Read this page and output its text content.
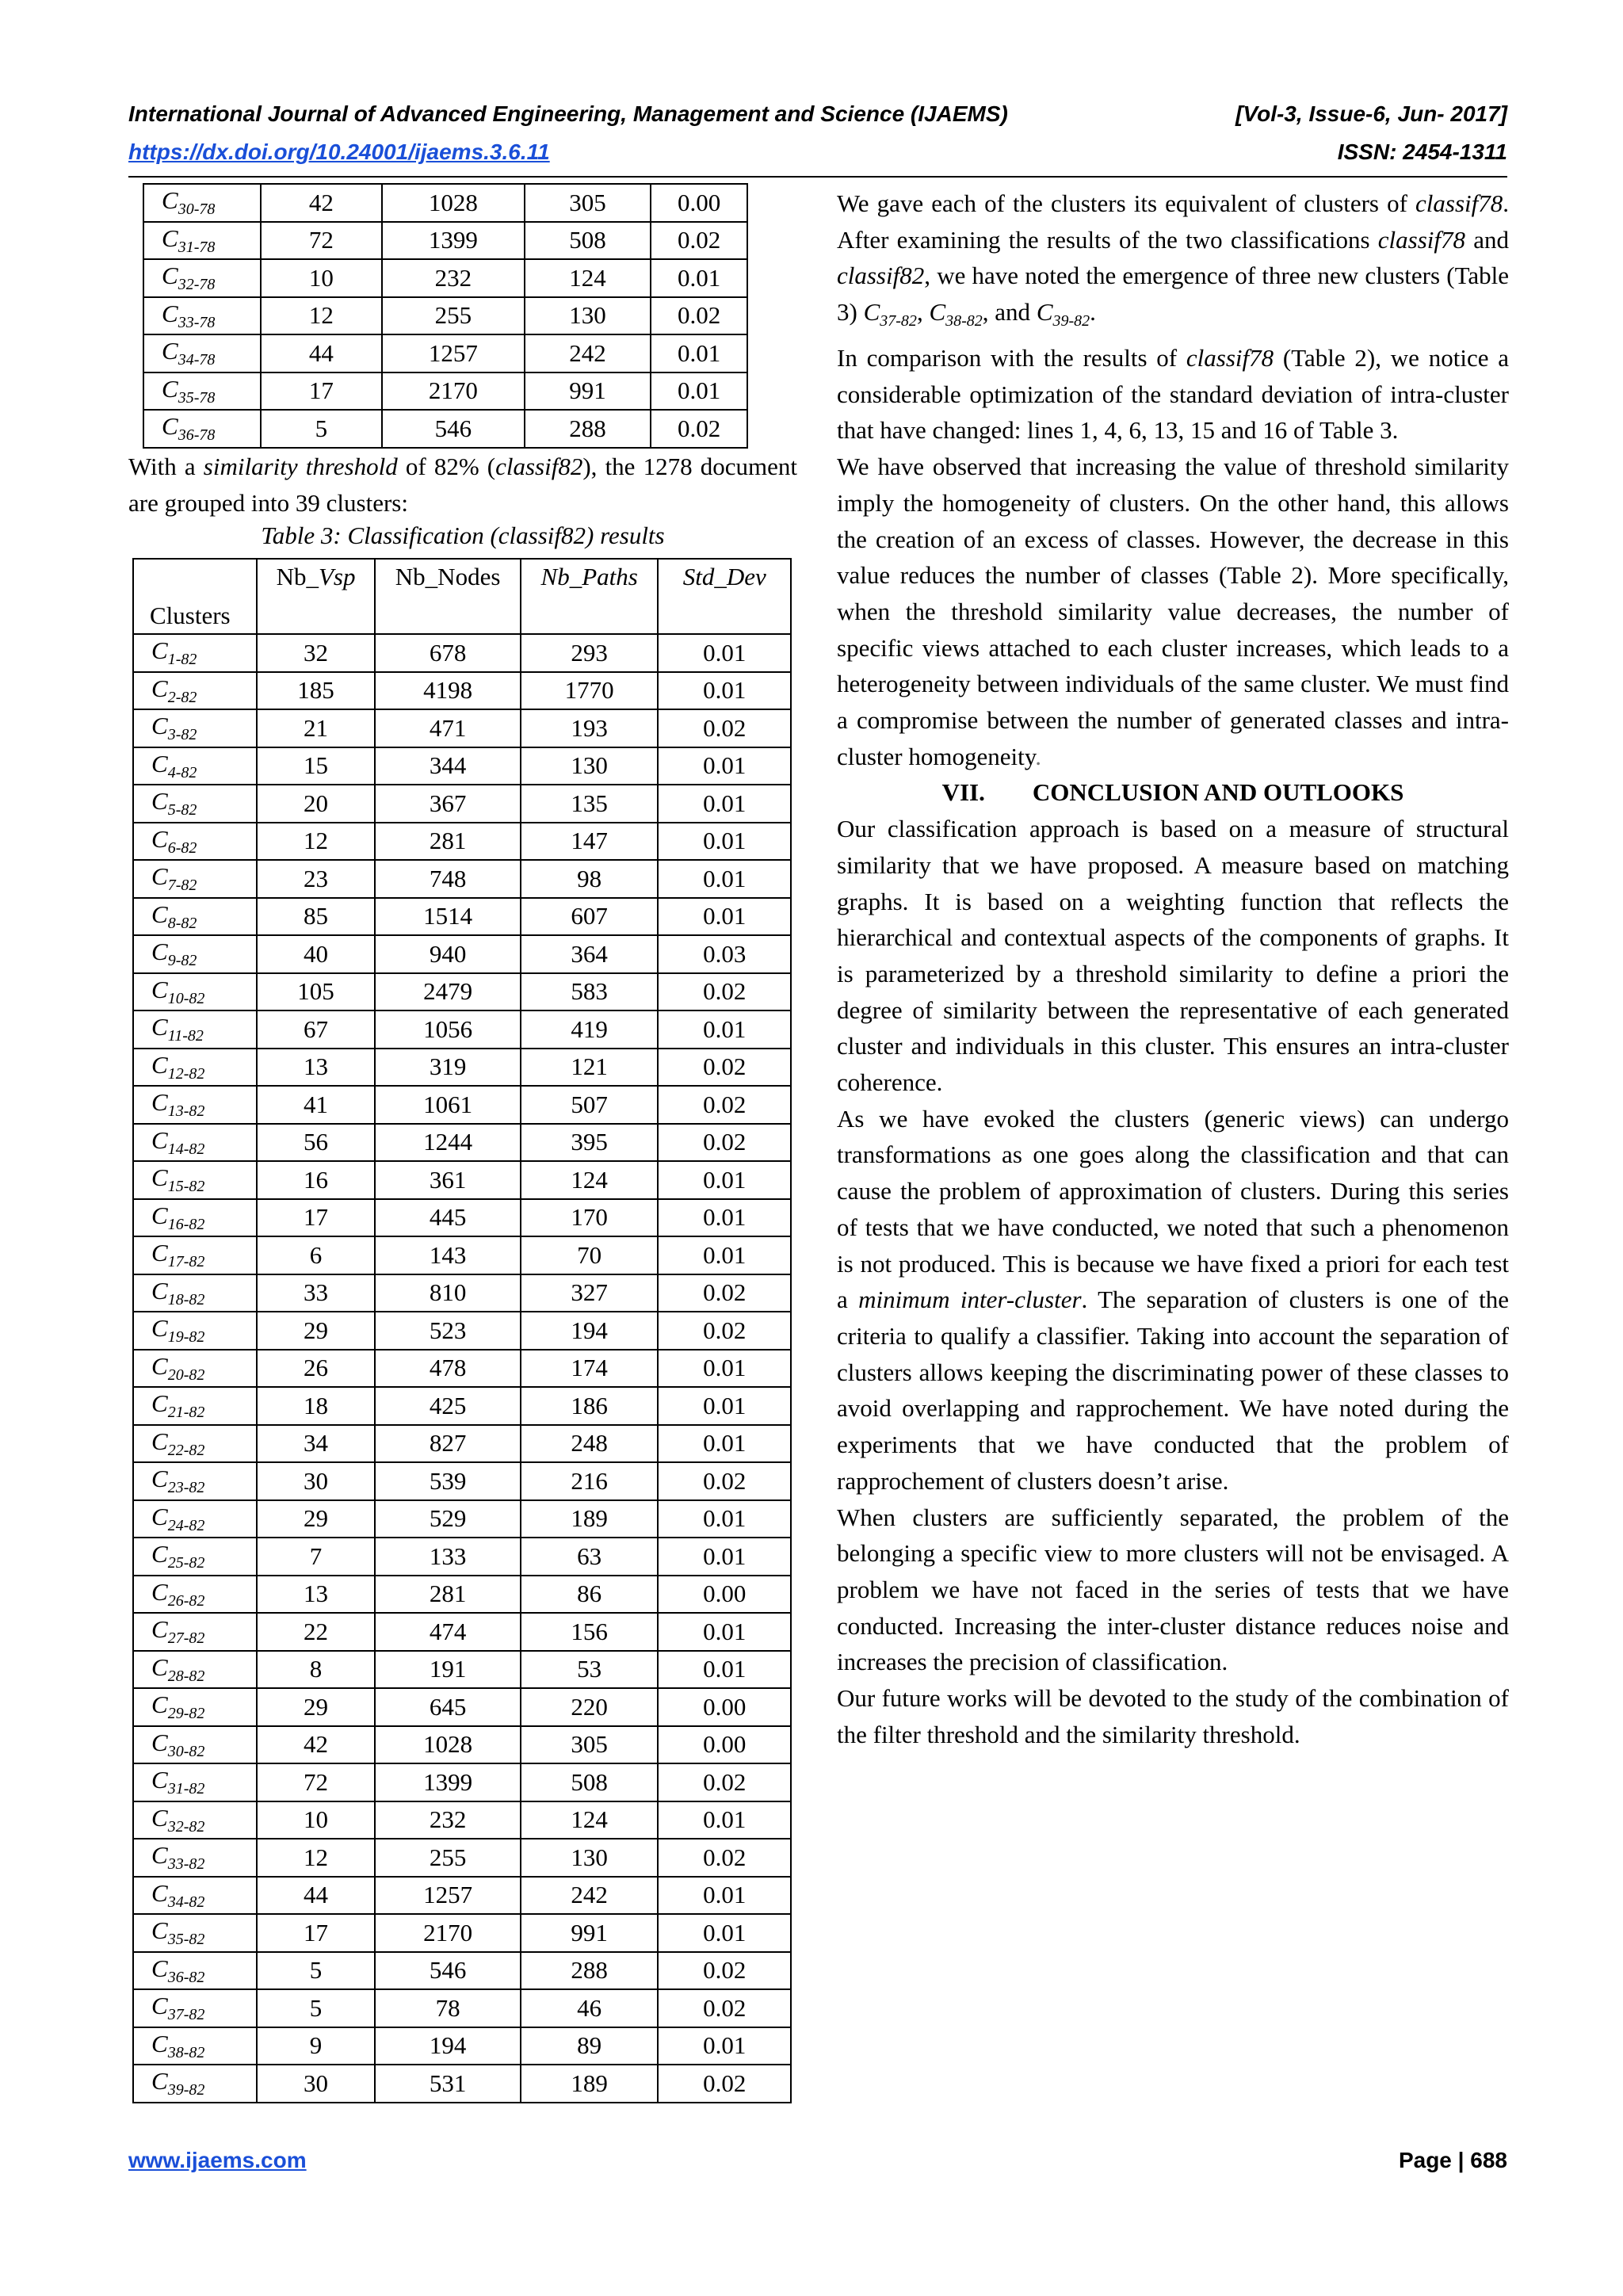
International Journal of Advanced Engineering, Management and Science (IJAEMS)	[Vol-3, Issue-6, Jun- 2017]
https://dx.doi.org/10.24001/ijaems.3.6.11	ISSN: 2454-1311
$C_{30-78}$	42	1028	305	0.00
$C_{31-78}$	72	1399	508	0.02
$C_{32-78}$	10	232	124	0.01
$C_{33-78}$	12	255	130	0.02
$C_{34-78}$	44	1257	242	0.01
$C_{35-78}$	17	2170	991	0.01
$C_{36-78}$	5	546	288	0.02
With a similarity threshold of 82% (classif82), the 1278 document are grouped into 39 clusters:
Table 3: Classification (classif82) results
Clusters	Nb_Vsp	Nb_Nodes	Nb_Paths	Std_Dev
$C_{1-82}$	32	678	293	0.01
$C_{2-82}$	185	4198	1770	0.01
$C_{3-82}$	21	471	193	0.02
$C_{4-82}$	15	344	130	0.01
$C_{5-82}$	20	367	135	0.01
$C_{6-82}$	12	281	147	0.01
$C_{7-82}$	23	748	98	0.01
$C_{8-82}$	85	1514	607	0.01
$C_{9-82}$	40	940	364	0.03
$C_{10-82}$	105	2479	583	0.02
$C_{11-82}$	67	1056	419	0.01
$C_{12-82}$	13	319	121	0.02
$C_{13-82}$	41	1061	507	0.02
$C_{14-82}$	56	1244	395	0.02
$C_{15-82}$	16	361	124	0.01
$C_{16-82}$	17	445	170	0.01
$C_{17-82}$	6	143	70	0.01
$C_{18-82}$	33	810	327	0.02
$C_{19-82}$	29	523	194	0.02
$C_{20-82}$	26	478	174	0.01
$C_{21-82}$	18	425	186	0.01
$C_{22-82}$	34	827	248	0.01
$C_{23-82}$	30	539	216	0.02
$C_{24-82}$	29	529	189	0.01
$C_{25-82}$	7	133	63	0.01
$C_{26-82}$	13	281	86	0.00
$C_{27-82}$	22	474	156	0.01
$C_{28-82}$	8	191	53	0.01
$C_{29-82}$	29	645	220	0.00
$C_{30-82}$	42	1028	305	0.00
$C_{31-82}$	72	1399	508	0.02
$C_{32-82}$	10	232	124	0.01
$C_{33-82}$	12	255	130	0.02
$C_{34-82}$	44	1257	242	0.01
$C_{35-82}$	17	2170	991	0.01
$C_{36-82}$	5	546	288	0.02
$C_{37-82}$	5	78	46	0.02
$C_{38-82}$	9	194	89	0.01
$C_{39-82}$	30	531	189	0.02

We gave each of the clusters its equivalent of clusters of classif78. After examining the results of the two classifications classif78 and classif82, we have noted the emergence of three new clusters (Table 3) $C_{37-82}$, $C_{38-82}$, and $C_{39-82}$.

In comparison with the results of classif78 (Table 2), we notice a considerable optimization of the standard deviation of intra-cluster that have changed: lines 1, 4, 6, 13, 15 and 16 of Table 3.

We have observed that increasing the value of threshold similarity imply the homogeneity of clusters. On the other hand, this allows the creation of an excess of classes. However, the decrease in this value reduces the number of classes (Table 2). More specifically, when the threshold similarity value decreases, the number of specific views attached to each cluster increases, which leads to a heterogeneity between individuals of the same cluster. We must find a compromise between the number of generated classes and intra-cluster homogeneity.

VII. CONCLUSION AND OUTLOOKS

Our classification approach is based on a measure of structural similarity that we have proposed. A measure based on matching graphs. It is based on a weighting function that reflects the hierarchical and contextual aspects of the components of graphs. It is parameterized by a threshold similarity to define a priori the degree of similarity between the representative of each generated cluster and individuals in this cluster. This ensures an intra-cluster coherence.

As we have evoked the clusters (generic views) can undergo transformations as one goes along the classification and that can cause the problem of approximation of clusters. During this series of tests that we have conducted, we noted that such a phenomenon is not produced. This is because we have fixed a priori for each test a minimum inter-cluster. The separation of clusters is one of the criteria to qualify a classifier. Taking into account the separation of clusters allows keeping the discriminating power of these classes to avoid overlapping and rapprochement. We have noted during the experiments that we have conducted that the problem of rapprochement of clusters doesn’t arise.

When clusters are sufficiently separated, the problem of the belonging a specific view to more clusters will not be envisaged. A problem we have not faced in the series of tests that we have conducted. Increasing the inter-cluster distance reduces noise and increases the precision of classification.

Our future works will be devoted to the study of the combination of the filter threshold and the similarity threshold.

www.ijaems.com	Page | 688
